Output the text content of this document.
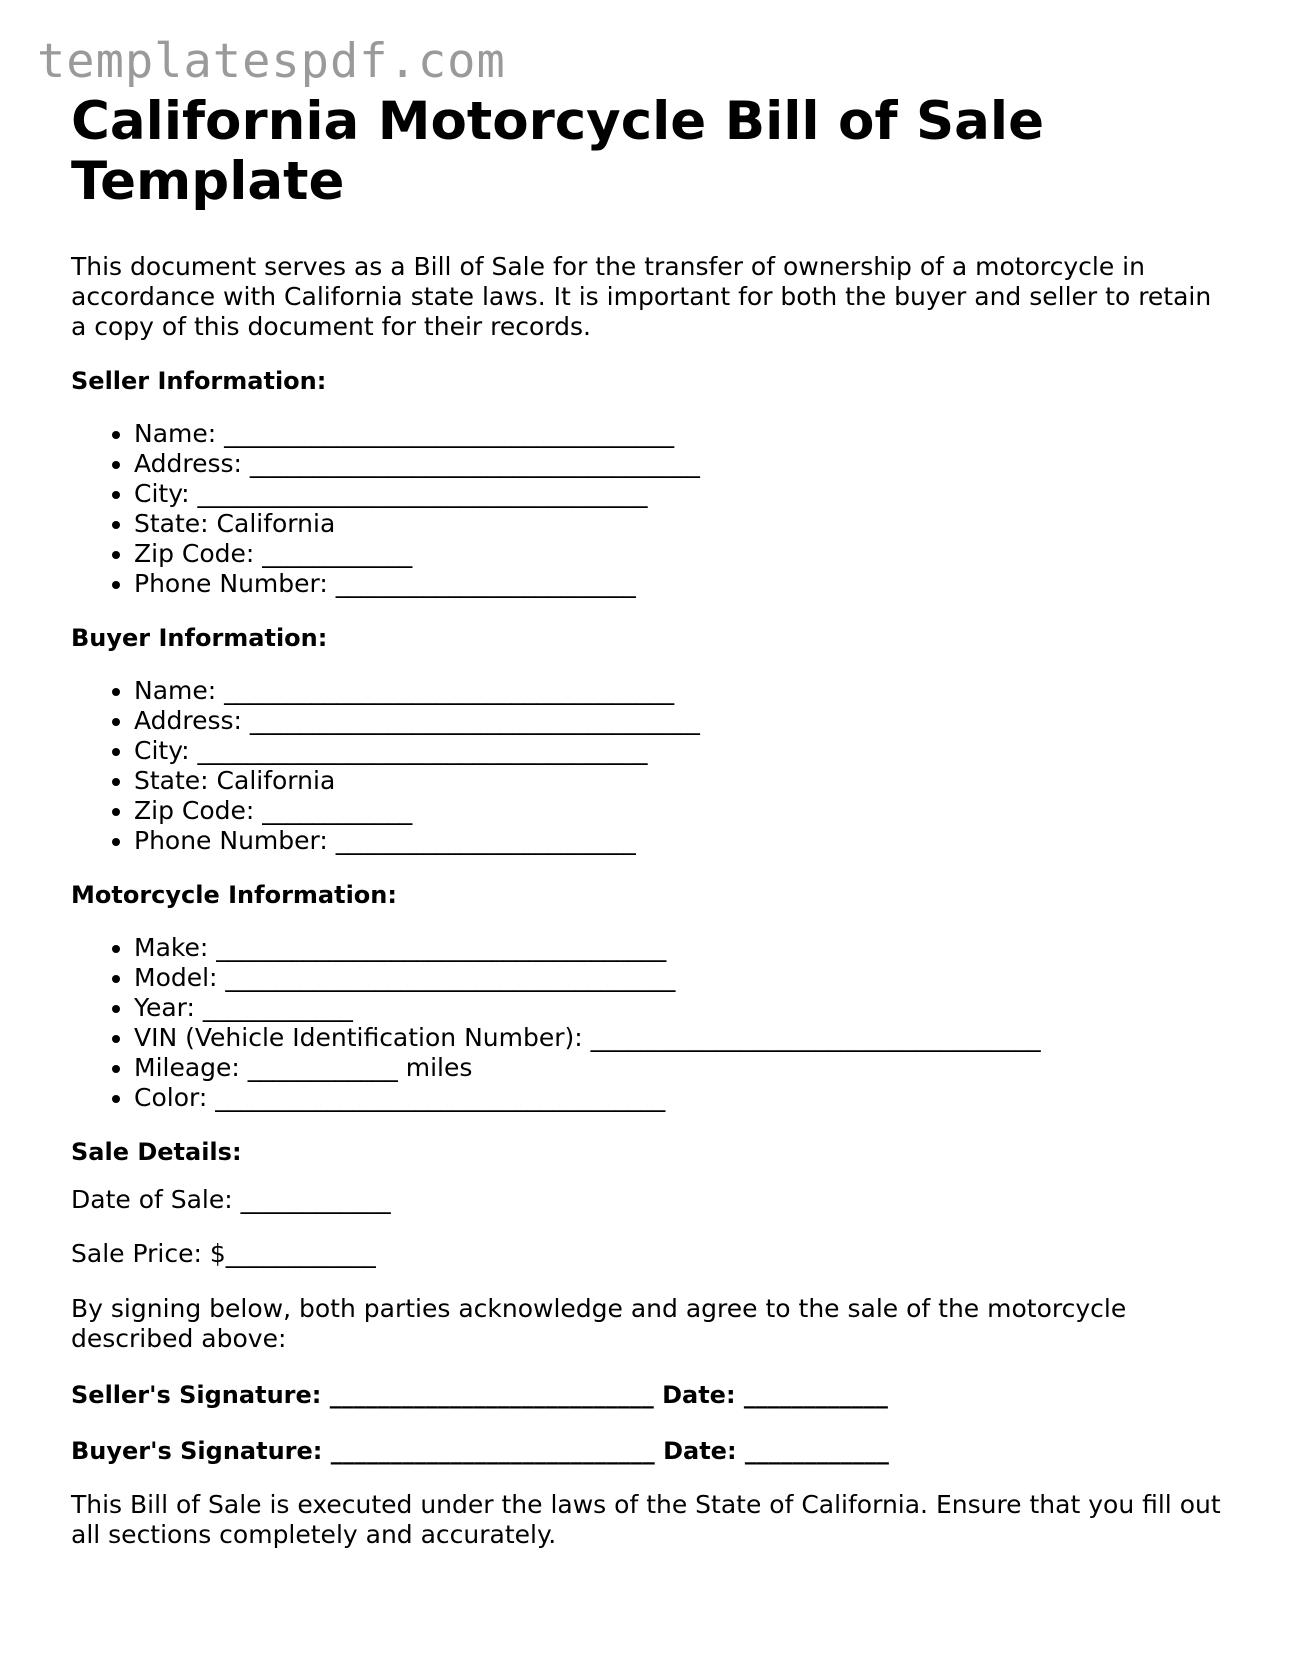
templatespdf.com
California Motorcycle Bill of Sale
Template

This document serves as a Bill of Sale for the transfer of ownership of a motorcycle in accordance with California state laws. It is important for both the buyer and seller to retain a copy of this document for their records.

Seller Information:

• Name: ____________________________________
• Address: ____________________________________
• City: ____________________________________
• State: California
• Zip Code: ____________
• Phone Number: ________________________

Buyer Information:

• Name: ____________________________________
• Address: ____________________________________
• City: ____________________________________
• State: California
• Zip Code: ____________
• Phone Number: ________________________

Motorcycle Information:

• Make: ____________________________________
• Model: ____________________________________
• Year: ____________
• VIN (Vehicle Identification Number): ____________________________________
• Mileage: ____________ miles
• Color: ____________________________________

Sale Details:

Date of Sale: ____________

Sale Price: $____________

By signing below, both parties acknowledge and agree to the sale of the motorcycle described above:

Seller's Signature: ___________________________ Date: ____________

Buyer's Signature: ___________________________ Date: ____________

This Bill of Sale is executed under the laws of the State of California. Ensure that you fill out all sections completely and accurately.
